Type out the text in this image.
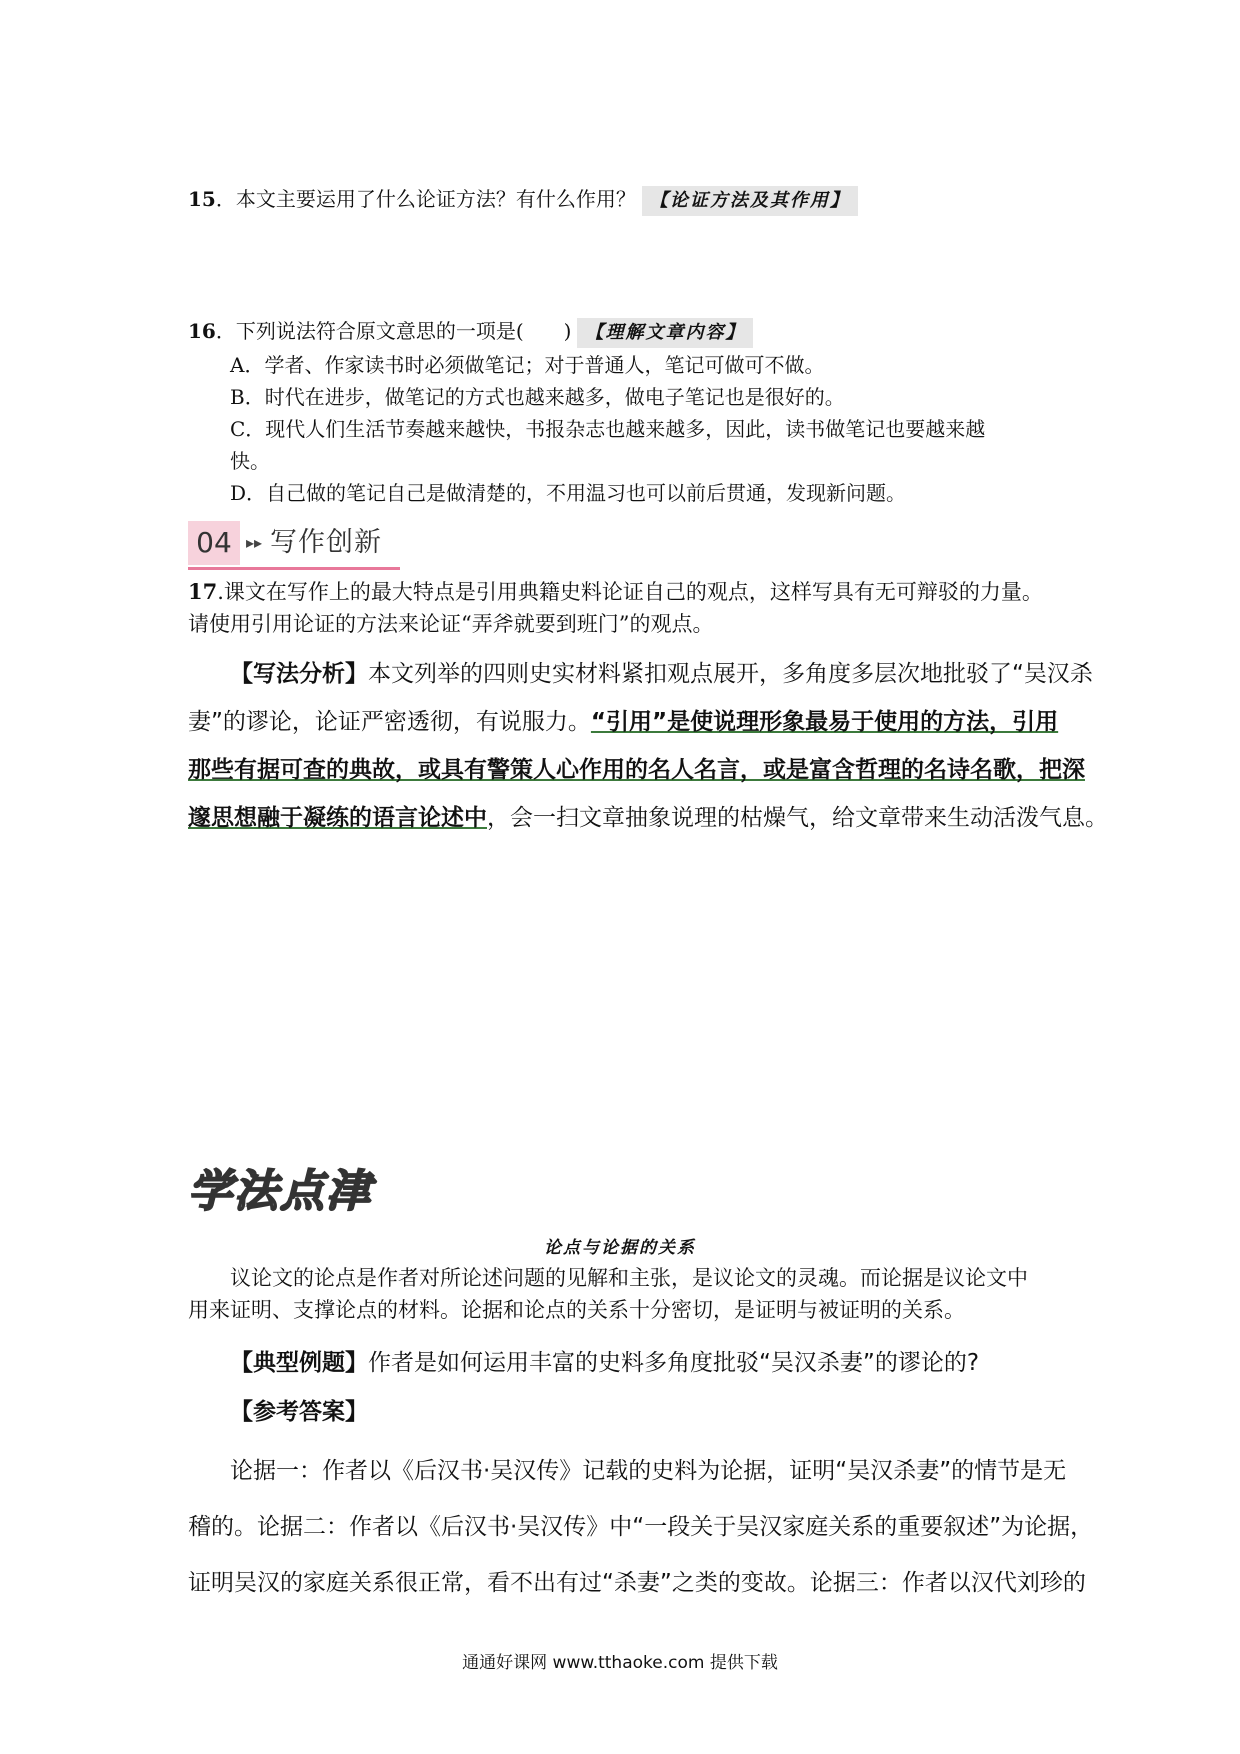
15．本文主要运用了什么论证方法？有什么作用？ 【论证方法及其作用】
16．下列说法符合原文意思的一项是(　　) 【理解文章内容】
A．学者、作家读书时必须做笔记；对于普通人，笔记可做可不做。
B．时代在进步，做笔记的方式也越来越多，做电子笔记也是很好的。
C．现代人们生活节奏越来越快，书报杂志也越来越多，因此，读书做笔记也要越来越
快。
D．自己做的笔记自己是做清楚的，不用温习也可以前后贯通，发现新问题。
04 ▸▸ 写作创新
17.课文在写作上的最大特点是引用典籍史料论证自己的观点，这样写具有无可辩驳的力量。
请使用引用论证的方法来论证“弄斧就要到班门”的观点。
【写法分析】本文列举的四则史实材料紧扣观点展开，多角度多层次地批驳了“吴汉杀
妻”的谬论，论证严密透彻，有说服力。“引用”是使说理形象最易于使用的方法，引用
那些有据可查的典故，或具有警策人心作用的名人名言，或是富含哲理的名诗名歌，把深
邃思想融于凝练的语言论述中，会一扫文章抽象说理的枯燥气，给文章带来生动活泼气息。
学法点津
论点与论据的关系
议论文的论点是作者对所论述问题的见解和主张，是议论文的灵魂。而论据是议论文中
用来证明、支撑论点的材料。论据和论点的关系十分密切，是证明与被证明的关系。
【典型例题】作者是如何运用丰富的史料多角度批驳“吴汉杀妻”的谬论的?
【参考答案】
论据一：作者以《后汉书·吴汉传》记载的史料为论据，证明“吴汉杀妻”的情节是无
稽的。论据二：作者以《后汉书·吴汉传》中“一段关于吴汉家庭关系的重要叙述”为论据，
证明吴汉的家庭关系很正常，看不出有过“杀妻”之类的变故。论据三：作者以汉代刘珍的
通通好课网 www.tthaoke.com 提供下载
